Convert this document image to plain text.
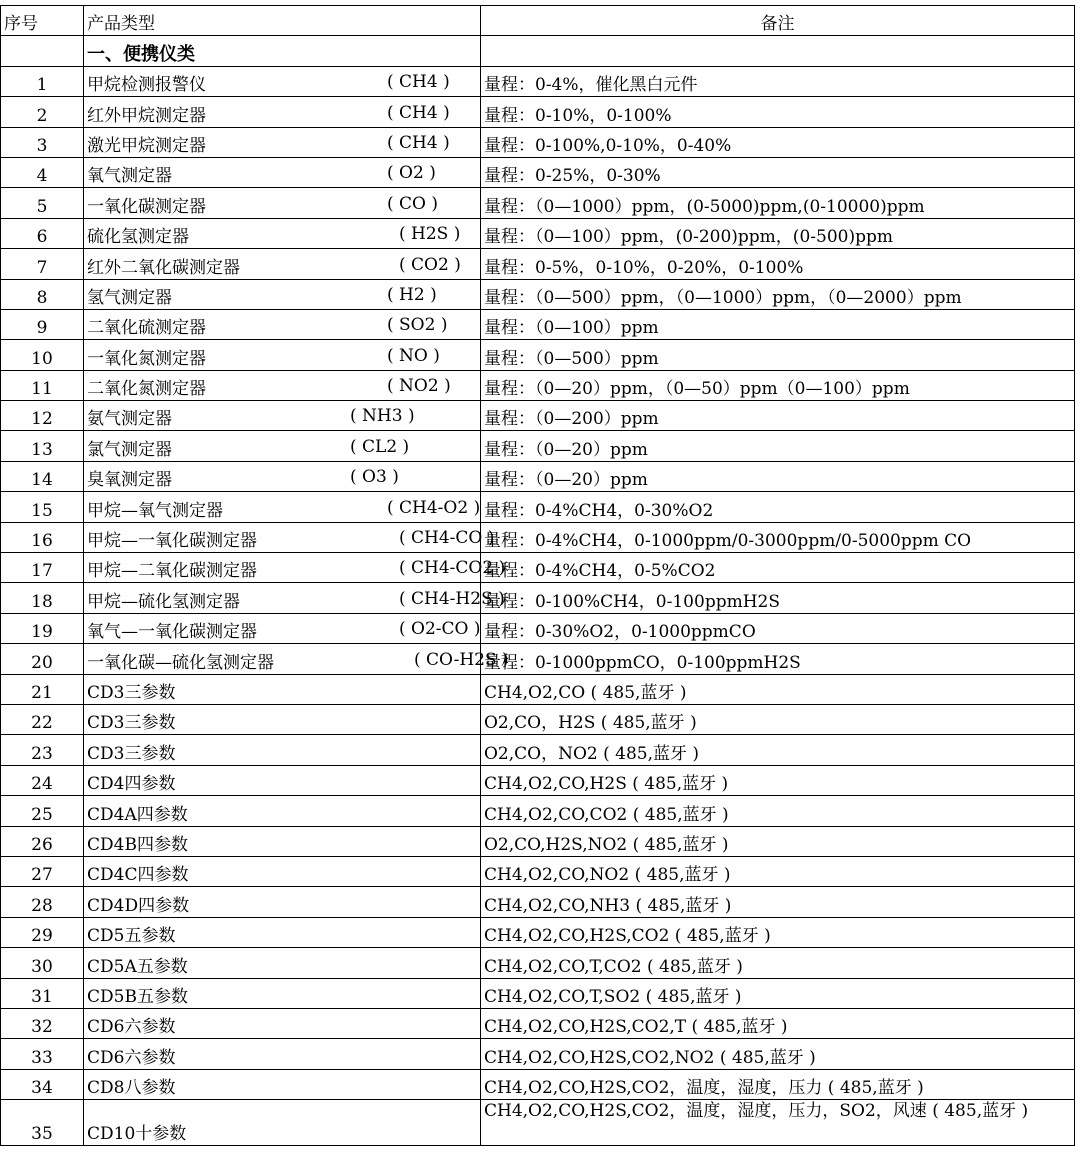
序号	产品类型	备注
	一、便携仪类	
1	甲烷检测报警仪 ( CH4 )	量程：0-4%，催化黑白元件
2	红外甲烷测定器 ( CH4 )	量程：0-10%，0-100%
3	激光甲烷测定器 ( CH4 )	量程：0-100%,0-10%，0-40%
4	氧气测定器 ( O2 )	量程：0-25%，0-30%
5	一氧化碳测定器 ( CO )	量程：（0—1000）ppm，(0-5000)ppm,(0-10000)ppm
6	硫化氢测定器 ( H2S )	量程：（0—100）ppm，(0-200)ppm，(0-500)ppm
7	红外二氧化碳测定器 ( CO2 )	量程：0-5%，0-10%，0-20%，0-100%
8	氢气测定器 ( H2 )	量程：（0—500）ppm，（0—1000）ppm，（0—2000）ppm
9	二氧化硫测定器 ( SO2 )	量程：（0—100）ppm
10	一氧化氮测定器 ( NO )	量程：（0—500）ppm
11	二氧化氮测定器 ( NO2 )	量程：（0—20）ppm，（0—50）ppm（0—100）ppm
12	氨气测定器 ( NH3 )	量程：（0—200）ppm
13	氯气测定器 ( CL2 )	量程：（0—20）ppm
14	臭氧测定器 ( O3 )	量程：（0—20）ppm
15	甲烷—氧气测定器 ( CH4-O2 )	量程：0-4%CH4，0-30%O2
16	甲烷—一氧化碳测定器 ( CH4-CO )	量程：0-4%CH4，0-1000ppm/0-3000ppm/0-5000ppm CO
17	甲烷—二氧化碳测定器 ( CH4-CO2 )	量程：0-4%CH4，0-5%CO2
18	甲烷—硫化氢测定器 ( CH4-H2S )	量程：0-100%CH4，0-100ppmH2S
19	氧气—一氧化碳测定器 ( O2-CO )	量程：0-30%O2，0-1000ppmCO
20	一氧化碳—硫化氢测定器 ( CO-H2S )	量程：0-1000ppmCO，0-100ppmH2S
21	CD3三参数	CH4,O2,CO ( 485,蓝牙 )
22	CD3三参数	O2,CO，H2S ( 485,蓝牙 )
23	CD3三参数	O2,CO，NO2 ( 485,蓝牙 )
24	CD4四参数	CH4,O2,CO,H2S ( 485,蓝牙 )
25	CD4A四参数	CH4,O2,CO,CO2 ( 485,蓝牙 )
26	CD4B四参数	O2,CO,H2S,NO2 ( 485,蓝牙 )
27	CD4C四参数	CH4,O2,CO,NO2 ( 485,蓝牙 )
28	CD4D四参数	CH4,O2,CO,NH3 ( 485,蓝牙 )
29	CD5五参数	CH4,O2,CO,H2S,CO2 ( 485,蓝牙 )
30	CD5A五参数	CH4,O2,CO,T,CO2 ( 485,蓝牙 )
31	CD5B五参数	CH4,O2,CO,T,SO2 ( 485,蓝牙 )
32	CD6六参数	CH4,O2,CO,H2S,CO2,T ( 485,蓝牙 )
33	CD6六参数	CH4,O2,CO,H2S,CO2,NO2 ( 485,蓝牙 )
34	CD8八参数	CH4,O2,CO,H2S,CO2，温度，湿度，压力 ( 485,蓝牙 )
35	CD10十参数	CH4,O2,CO,H2S,CO2，温度，湿度，压力，SO2，风速 ( 485,蓝牙 )
